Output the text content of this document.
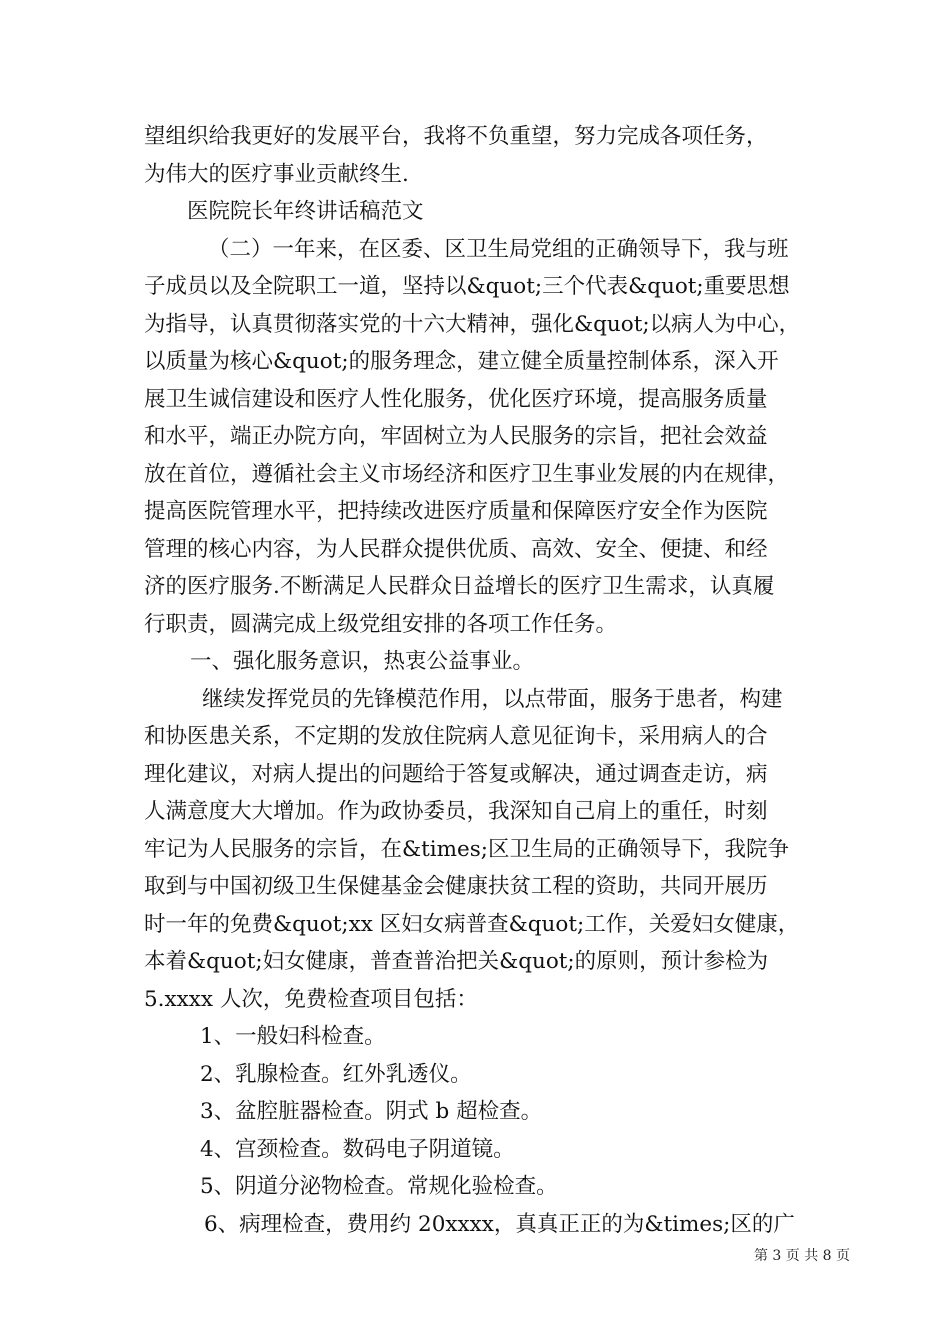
望组织给我更好的发展平台，我将不负重望，努力完成各项任务，
为伟大的医疗事业贡献终生.
医院院长年终讲话稿范文
（二）一年来，在区委、区卫生局党组的正确领导下，我与班
子成员以及全院职工一道，坚持以&quot;三个代表&quot;重要思想
为指导，认真贯彻落实党的十六大精神，强化&quot;以病人为中心，
以质量为核心&quot;的服务理念，建立健全质量控制体系，深入开
展卫生诚信建设和医疗人性化服务，优化医疗环境，提高服务质量
和水平，端正办院方向，牢固树立为人民服务的宗旨，把社会效益
放在首位，遵循社会主义市场经济和医疗卫生事业发展的内在规律，
提高医院管理水平，把持续改进医疗质量和保障医疗安全作为医院
管理的核心内容，为人民群众提供优质、高效、安全、便捷、和经
济的医疗服务.不断满足人民群众日益增长的医疗卫生需求，认真履
行职责，圆满完成上级党组安排的各项工作任务。
一、强化服务意识，热衷公益事业。
继续发挥党员的先锋模范作用，以点带面，服务于患者，构建
和协医患关系，不定期的发放住院病人意见征询卡，采用病人的合
理化建议，对病人提出的问题给于答复或解决，通过调查走访，病
人满意度大大增加。作为政协委员，我深知自己肩上的重任，时刻
牢记为人民服务的宗旨，在&times;区卫生局的正确领导下，我院争
取到与中国初级卫生保健基金会健康扶贫工程的资助，共同开展历
时一年的免费&quot;xx 区妇女病普查&quot;工作，关爱妇女健康，
本着&quot;妇女健康，普查普治把关&quot;的原则，预计参检为
5.xxxx 人次，免费检查项目包括：
1、一般妇科检查。
2、乳腺检查。红外乳透仪。
3、盆腔脏器检查。阴式 b 超检查。
4、宫颈检查。数码电子阴道镜。
5、阴道分泌物检查。常规化验检查。
6、病理检查，费用约 20xxxx，真真正正的为&times;区的广
第 3 页 共 8 页
